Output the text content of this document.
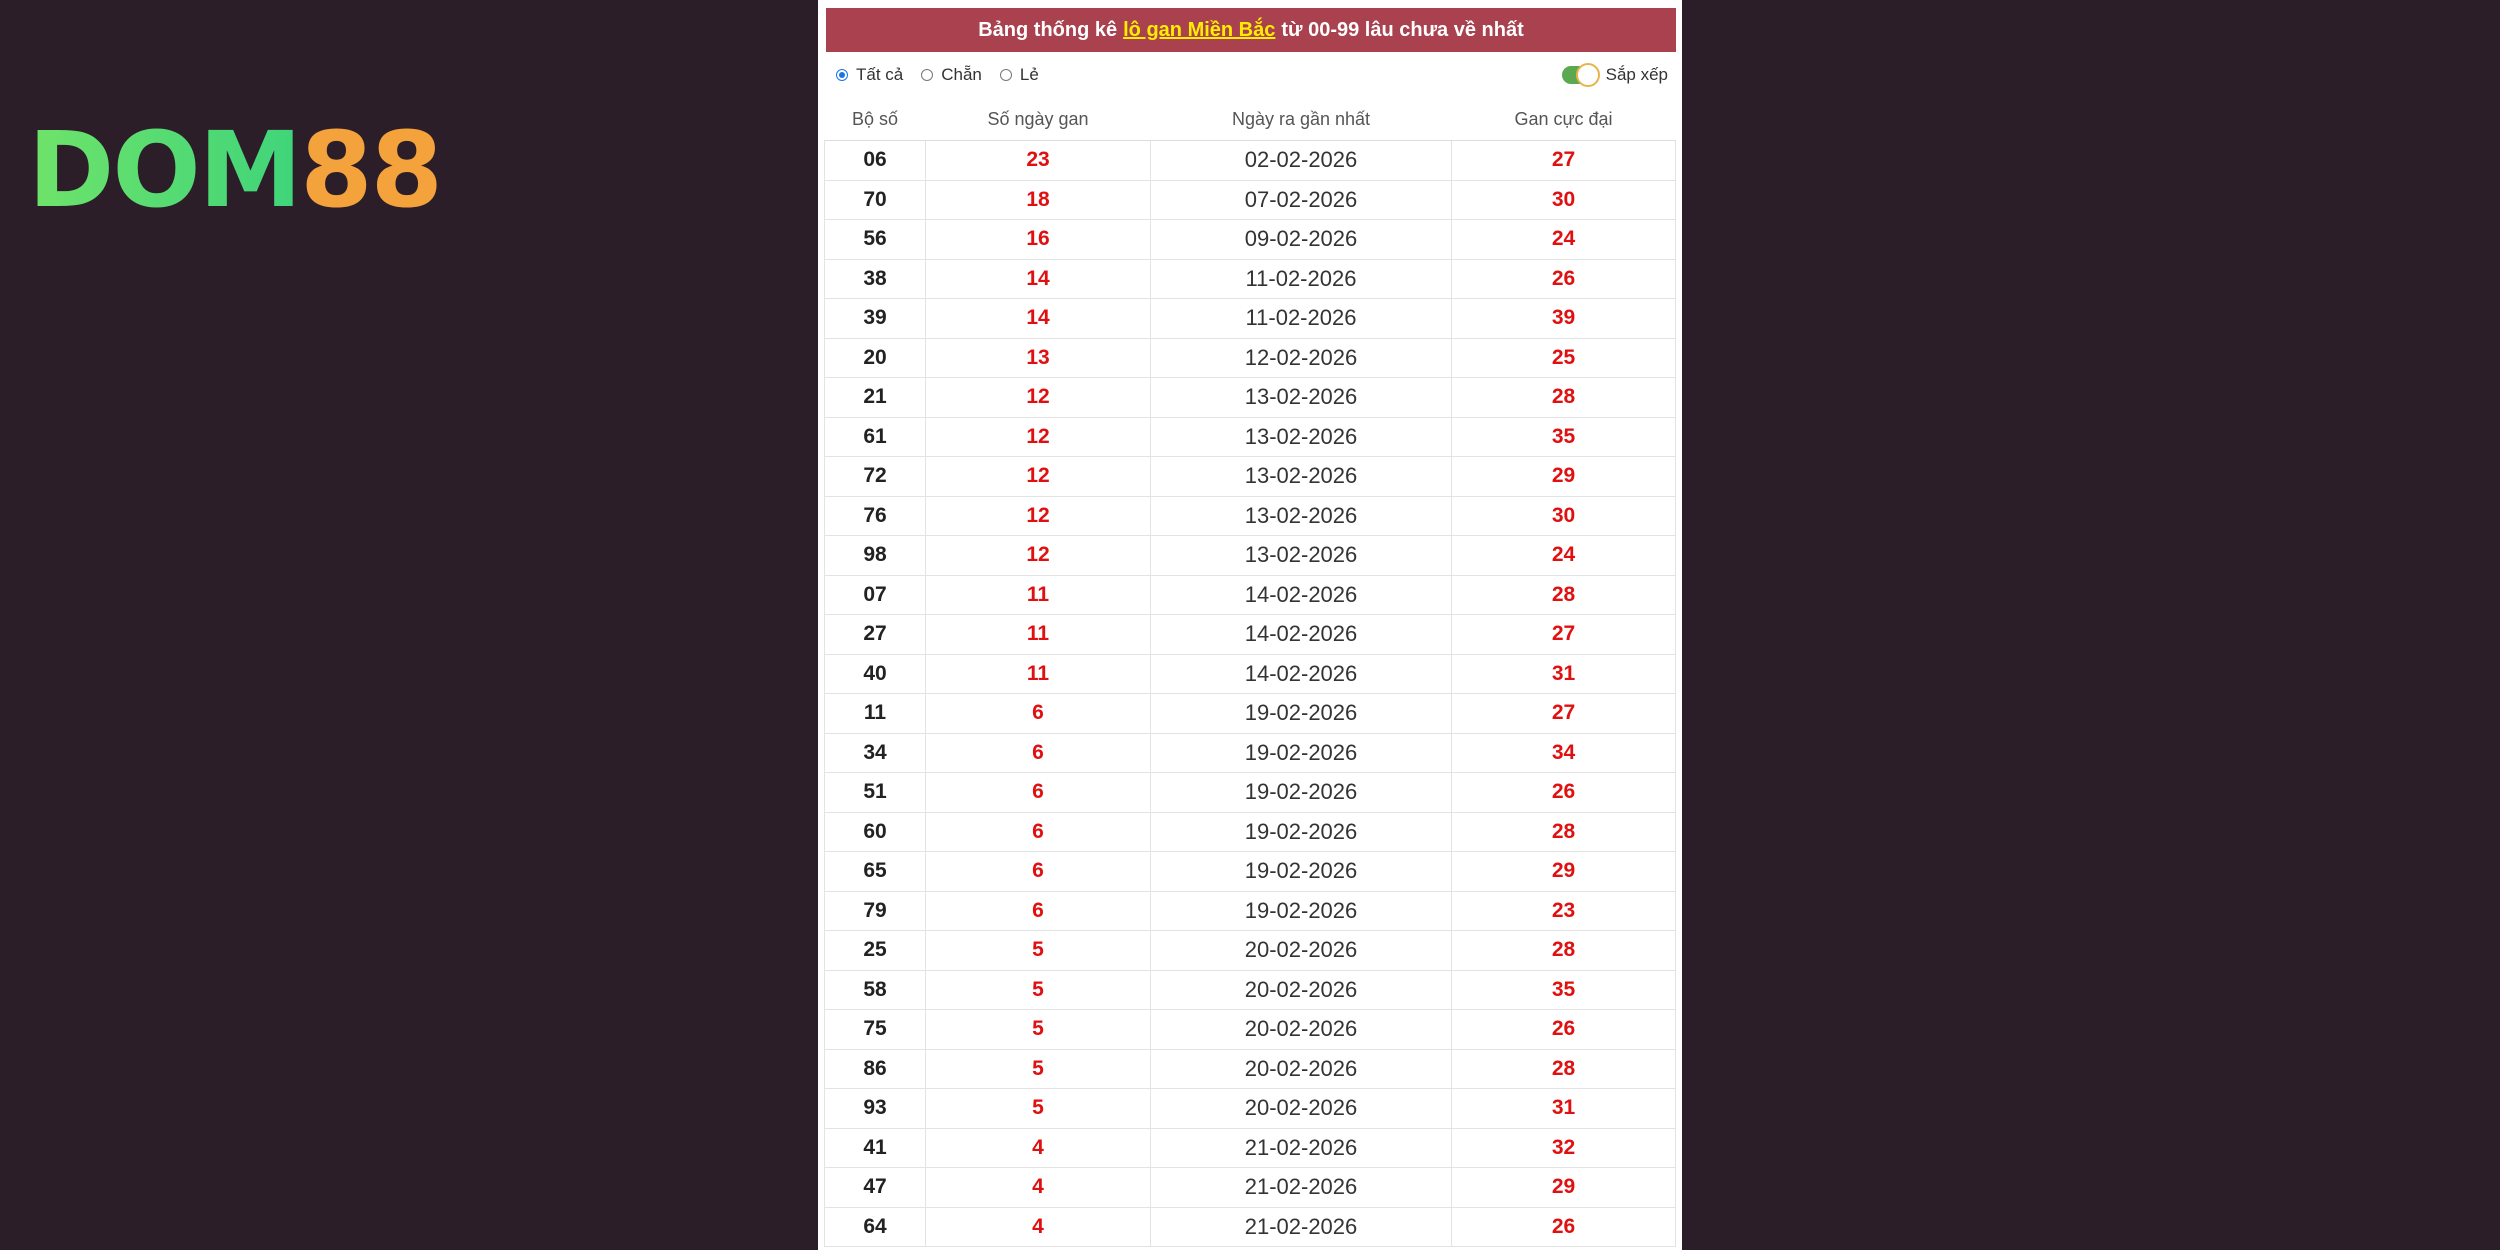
DOM88
Bảng thống kê lô gan Miền Bắc từ 00-99 lâu chưa về nhất
Tất cả Chẵn Lẻ	Sắp xếp
Bộ số	Số ngày gan	Ngày ra gần nhất	Gan cực đại
06	23	02-02-2026	27
70	18	07-02-2026	30
56	16	09-02-2026	24
38	14	11-02-2026	26
39	14	11-02-2026	39
20	13	12-02-2026	25
21	12	13-02-2026	28
61	12	13-02-2026	35
72	12	13-02-2026	29
76	12	13-02-2026	30
98	12	13-02-2026	24
07	11	14-02-2026	28
27	11	14-02-2026	27
40	11	14-02-2026	31
11	6	19-02-2026	27
34	6	19-02-2026	34
51	6	19-02-2026	26
60	6	19-02-2026	28
65	6	19-02-2026	29
79	6	19-02-2026	23
25	5	20-02-2026	28
58	5	20-02-2026	35
75	5	20-02-2026	26
86	5	20-02-2026	28
93	5	20-02-2026	31
41	4	21-02-2026	32
47	4	21-02-2026	29
64	4	21-02-2026	26
